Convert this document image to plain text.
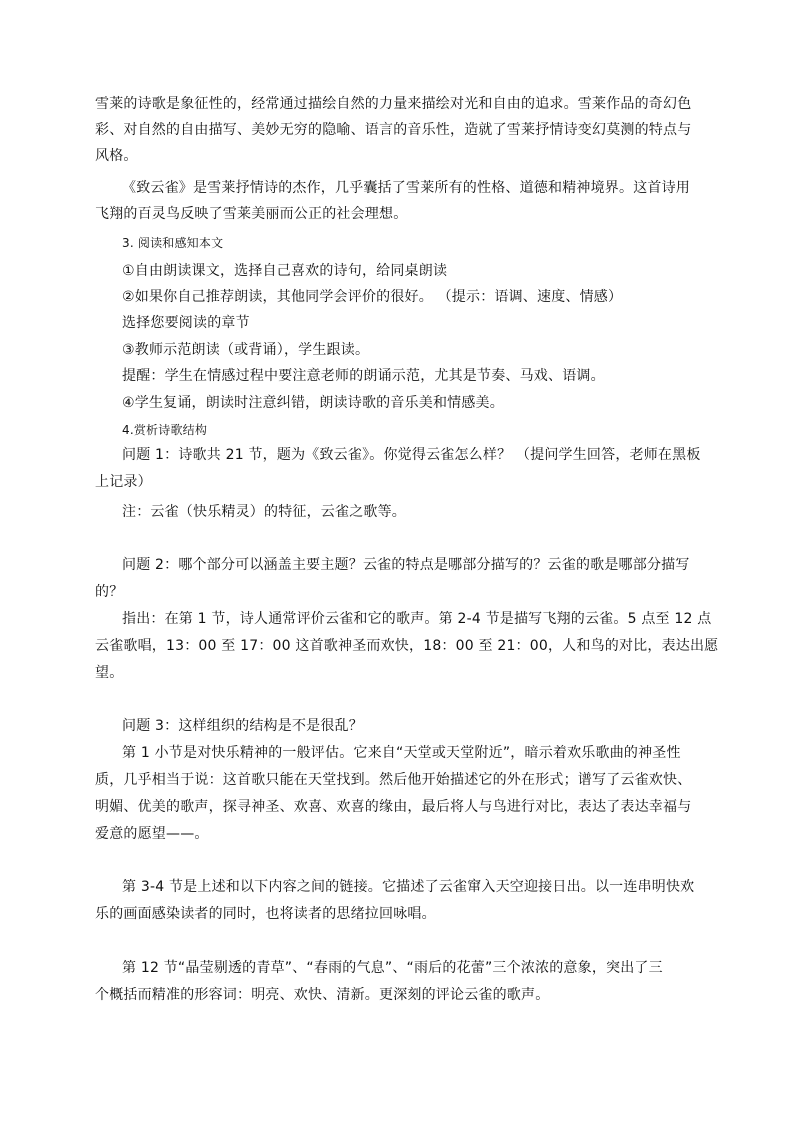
雪莱的诗歌是象征性的，经常通过描绘自然的力量来描绘对光和自由的追求。雪莱作品的奇幻色
彩、对自然的自由描写、美妙无穷的隐喻、语言的音乐性，造就了雪莱抒情诗变幻莫测的特点与
风格。
《致云雀》是雪莱抒情诗的杰作，几乎囊括了雪莱所有的性格、道德和精神境界。这首诗用
飞翔的百灵鸟反映了雪莱美丽而公正的社会理想。
3. 阅读和感知本文
①自由朗读课文，选择自己喜欢的诗句，给同桌朗读
②如果你自己推荐朗读，其他同学会评价的很好。 （提示：语调、速度、情感）
选择您要阅读的章节
③教师示范朗读（或背诵），学生跟读。
提醒：学生在情感过程中要注意老师的朗诵示范，尤其是节奏、马戏、语调。
④学生复诵，朗读时注意纠错，朗读诗歌的音乐美和情感美。
4.赏析诗歌结构
问题 1：诗歌共 21 节，题为《致云雀》。你觉得云雀怎么样？ （提问学生回答，老师在黑板
上记录）
注：云雀（快乐精灵）的特征，云雀之歌等。
问题 2：哪个部分可以涵盖主要主题？云雀的特点是哪部分描写的？云雀的歌是哪部分描写
的？
指出：在第 1 节，诗人通常评价云雀和它的歌声。第 2-4 节是描写飞翔的云雀。5 点至 12 点
云雀歌唱，13：00 至 17：00 这首歌神圣而欢快，18：00 至 21：00，人和鸟的对比，表达出愿
望。
问题 3：这样组织的结构是不是很乱？
第 1 小节是对快乐精神的一般评估。它来自“天堂或天堂附近”，暗示着欢乐歌曲的神圣性
质，几乎相当于说：这首歌只能在天堂找到。然后他开始描述它的外在形式；谱写了云雀欢快、
明媚、优美的歌声，探寻神圣、欢喜、欢喜的缘由，最后将人与鸟进行对比，表达了表达幸福与
爱意的愿望——。
第 3-4 节是上述和以下内容之间的链接。它描述了云雀窜入天空迎接日出。以一连串明快欢
乐的画面感染读者的同时，也将读者的思绪拉回咏唱。
第 12 节“晶莹剔透的青草”、“春雨的气息”、“雨后的花蕾”三个浓浓的意象，突出了三
个概括而精准的形容词：明亮、欢快、清新。更深刻的评论云雀的歌声。
